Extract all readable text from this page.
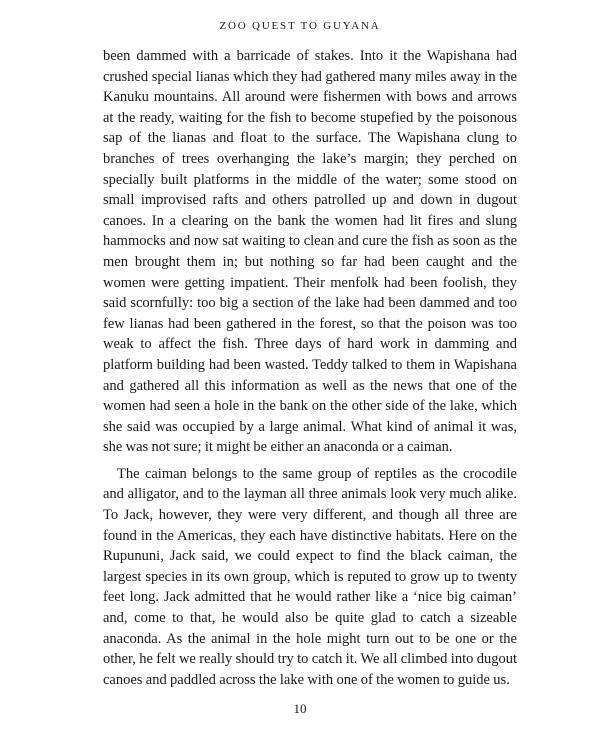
ZOO QUEST TO GUYANA

been dammed with a barricade of stakes. Into it the Wapishana had crushed special lianas which they had gathered many miles away in the Kanuku mountains. All around were fishermen with bows and arrows at the ready, waiting for the fish to become stupefied by the poisonous sap of the lianas and float to the surface. The Wapishana clung to branches of trees overhanging the lake’s margin; they perched on specially built platforms in the middle of the water; some stood on small improvised rafts and others patrolled up and down in dugout canoes. In a clearing on the bank the women had lit fires and slung hammocks and now sat waiting to clean and cure the fish as soon as the men brought them in; but nothing so far had been caught and the women were getting impatient. Their menfolk had been foolish, they said scornfully: too big a section of the lake had been dammed and too few lianas had been gathered in the forest, so that the poison was too weak to affect the fish. Three days of hard work in damming and platform building had been wasted. Teddy talked to them in Wapishana and gathered all this information as well as the news that one of the women had seen a hole in the bank on the other side of the lake, which she said was occupied by a large animal. What kind of animal it was, she was not sure; it might be either an anaconda or a caiman.

The caiman belongs to the same group of reptiles as the crocodile and alligator, and to the layman all three animals look very much alike. To Jack, however, they were very different, and though all three are found in the Americas, they each have distinctive habitats. Here on the Rupununi, Jack said, we could expect to find the black caiman, the largest species in its own group, which is reputed to grow up to twenty feet long. Jack admitted that he would rather like a ‘nice big caiman’ and, come to that, he would also be quite glad to catch a sizeable anaconda. As the animal in the hole might turn out to be one or the other, he felt we really should try to catch it. We all climbed into dugout canoes and paddled across the lake with one of the women to guide us.

10
